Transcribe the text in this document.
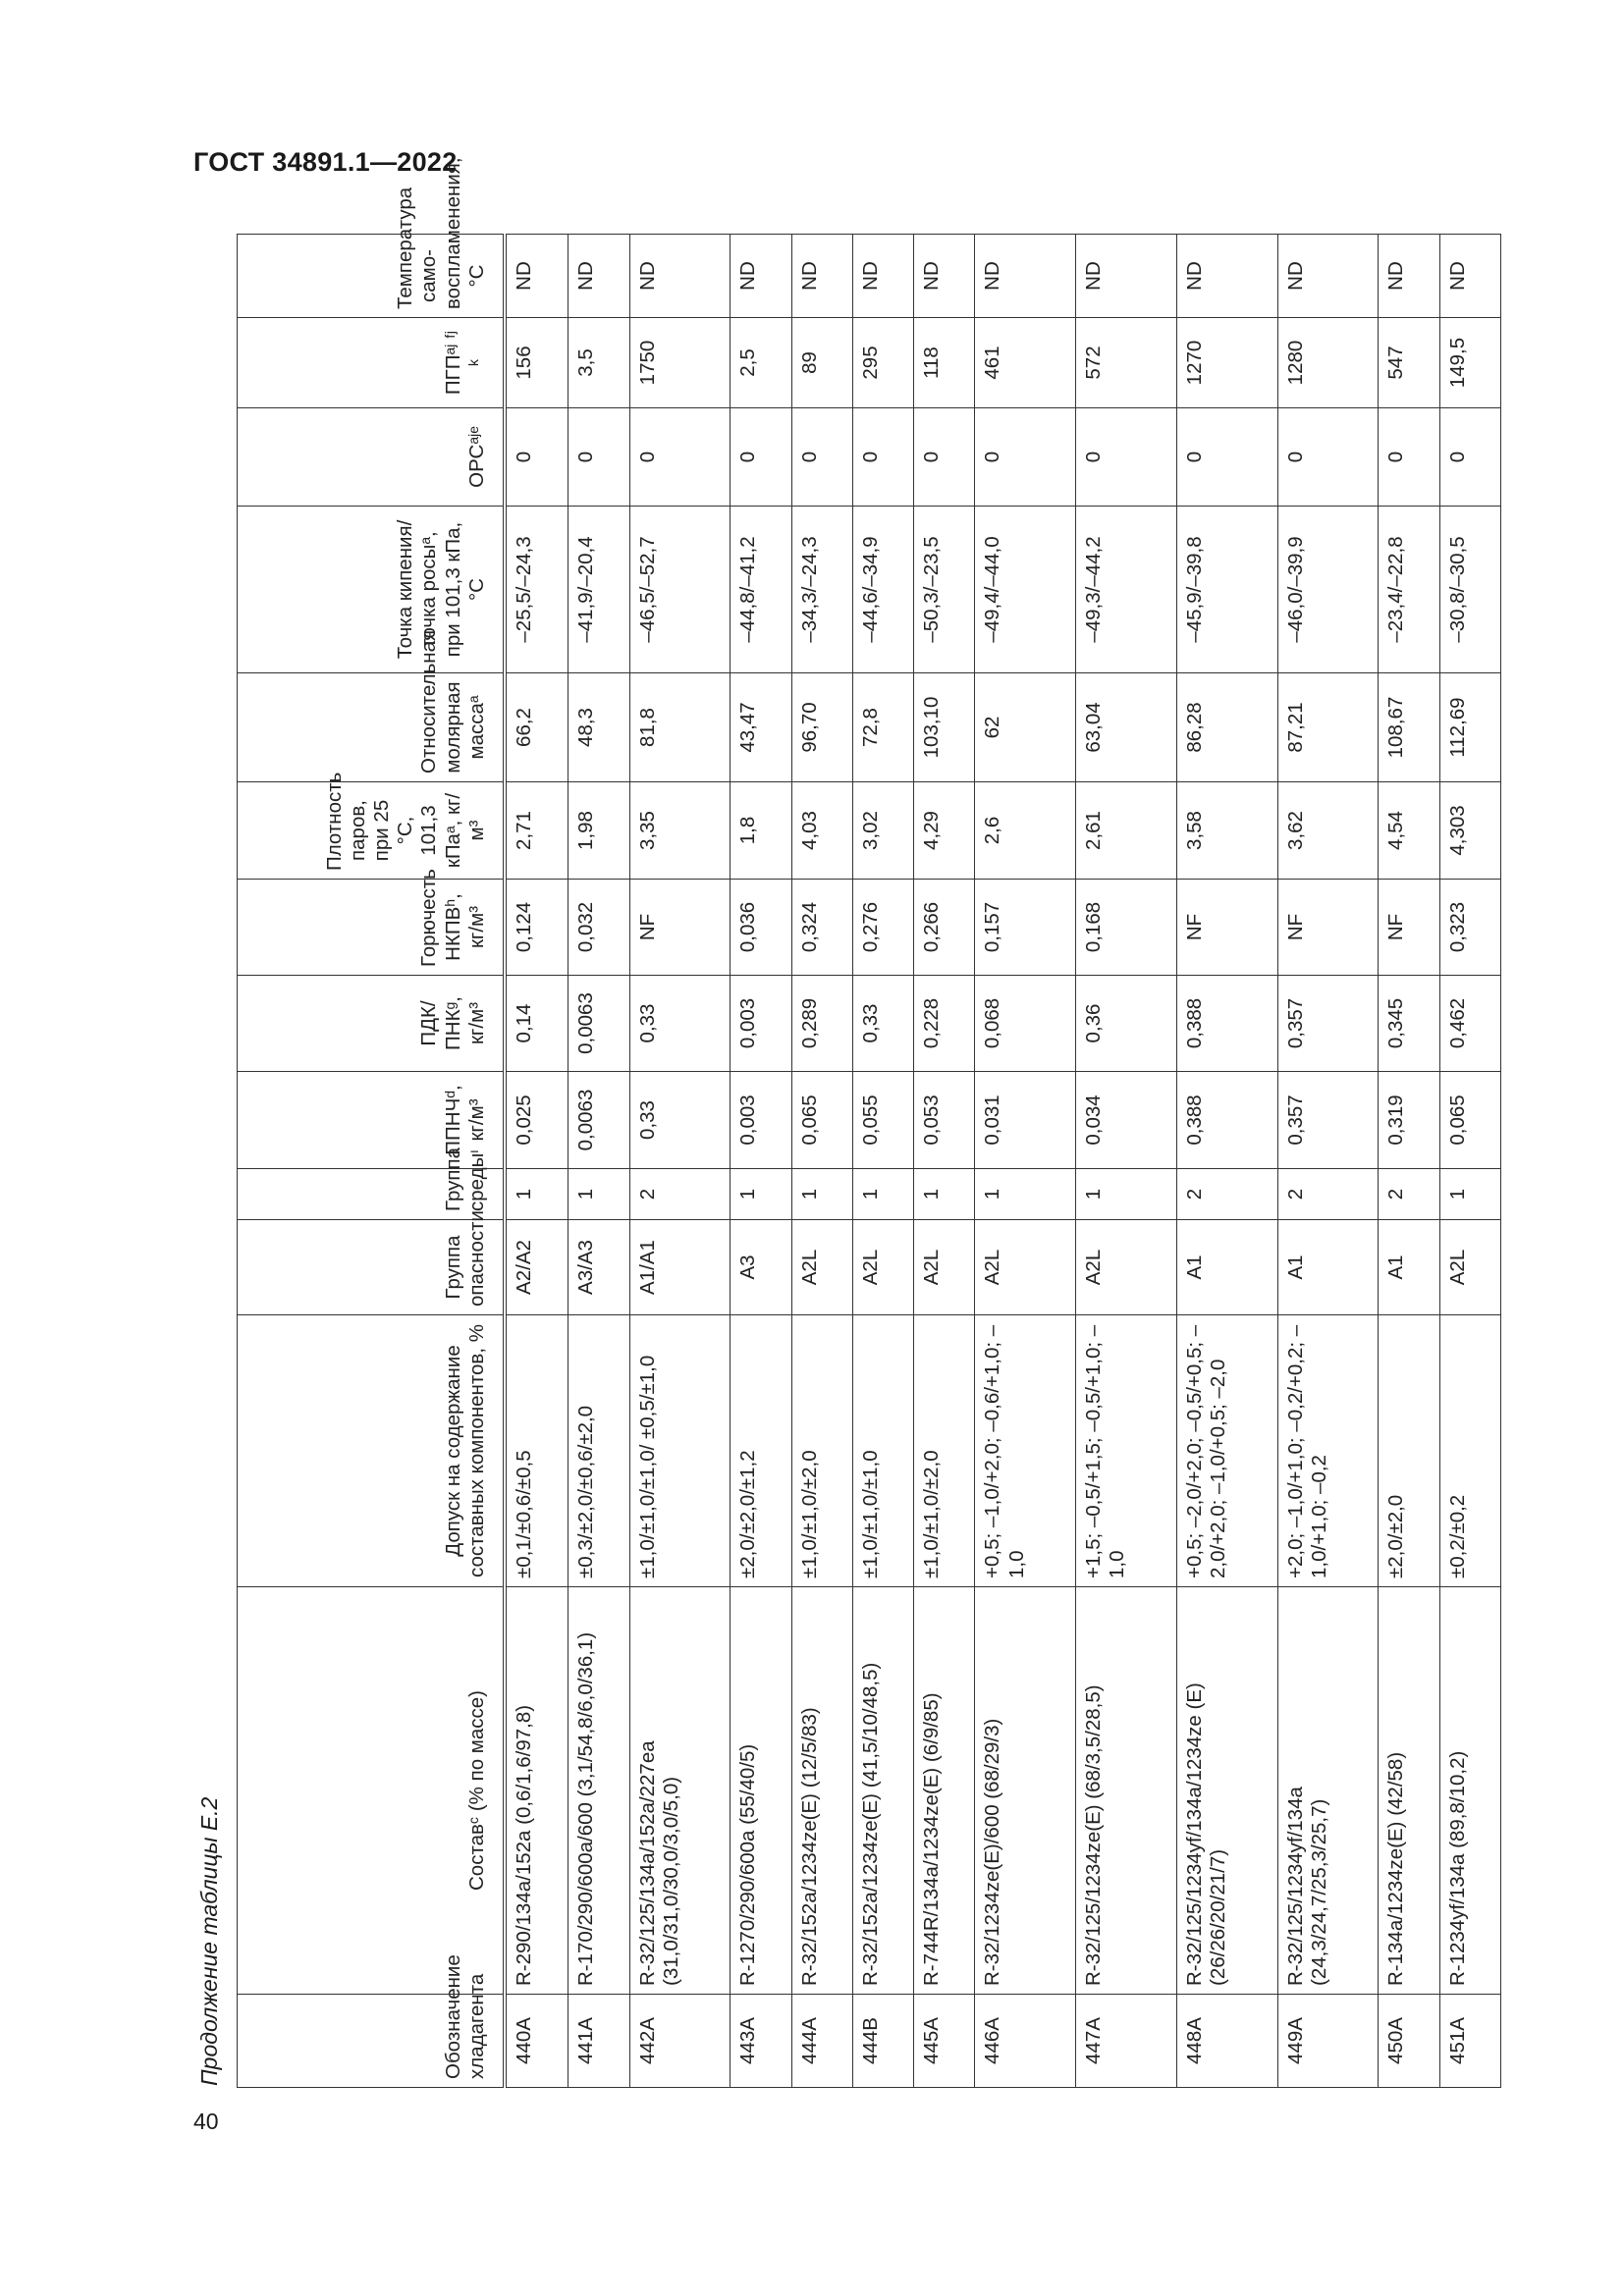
ГОСТ 34891.1—2022
Продолжение таблицы Е.2	Обозначение хладагента	Составᶜ (% по массе)	Допуск на содержание составных компонентов, %	Группа опасности	Группа средыᶦ	ППНЧᵈ, кг/м³	ПДК/ПНКᵍ, кг/м³	Горючесть НКПВʰ, кг/м³	Плотность паров, при 25 °С, 101,3 кПаᵃ, кг/м³	Относительная молярная массаᵃ	Точка кипения/точка росыᵃ, при 101,3 кПа, °С	ОРСᵃʲᵉ	ПГПᵃʲ ᶠʲ ᵏ	Температура само-воспламенения, °С
440A	R-290/134a/152a (0,6/1,6/97,8)	±0,1/±0,6/±0,5	A2/A2	1	0,025	0,14	0,124	2,71	66,2	–25,5/–24,3	0	156	ND
441A	R-170/290/600a/600 (3,1/54,8/6,0/36,1)	±0,3/±2,0/±0,6/±2,0	A3/A3	1	0,0063	0,0063	0,032	1,98	48,3	–41,9/–20,4	0	3,5	ND
442A	R-32/125/134a/152a/227ea (31,0/31,0/30,0/3,0/5,0)	±1,0/±1,0/±1,0/ ±0,5/±1,0	A1/A1	2	0,33	0,33	NF	3,35	81,8	–46,5/–52,7	0	1750	ND
443A	R-1270/290/600a (55/40/5)	±2,0/±2,0/±1,2	A3	1	0,003	0,003	0,036	1,8	43,47	–44,8/–41,2	0	2,5	ND
444A	R-32/152a/1234ze(E) (12/5/83)	±1,0/±1,0/±2,0	A2L	1	0,065	0,289	0,324	4,03	96,70	–34,3/–24,3	0	89	ND
444B	R-32/152a/1234ze(E) (41,5/10/48,5)	±1,0/±1,0/±1,0	A2L	1	0,055	0,33	0,276	3,02	72,8	–44,6/–34,9	0	295	ND
445A	R-744R/134a/1234ze(E) (6/9/85)	±1,0/±1,0/±2,0	A2L	1	0,053	0,228	0,266	4,29	103,10	–50,3/–23,5	0	118	ND
446A	R-32/1234ze(E)/600 (68/29/3)	+0,5; –1,0/+2,0; –0,6/+1,0; –1,0	A2L	1	0,031	0,068	0,157	2,6	62	–49,4/–44,0	0	461	ND
447A	R-32/125/1234ze(E) (68/3,5/28,5)	+1,5; –0,5/+1,5; –0,5/+1,0; –1,0	A2L	1	0,034	0,36	0,168	2,61	63,04	–49,3/–44,2	0	572	ND
448A	R-32/125/1234yf/134a/1234ze (E) (26/26/20/21/7)	+0,5; –2,0/+2,0; –0,5/+0,5; –2,0/+2,0; –1,0/+0,5; –2,0	A1	2	0,388	0,388	NF	3,58	86,28	–45,9/–39,8	0	1270	ND
449A	R-32/125/1234yf/134a (24,3/24,7/25,3/25,7)	+2,0; –1,0/+1,0; –0,2/+0,2; –1,0/+1,0; –0,2	A1	2	0,357	0,357	NF	3,62	87,21	–46,0/–39,9	0	1280	ND
450A	R-134a/1234ze(E) (42/58)	±2,0/±2,0	A1	2	0,319	0,345	NF	4,54	108,67	–23,4/–22,8	0	547	ND
451A	R-1234yf/134a (89,8/10,2)	±0,2/±0,2	A2L	1	0,065	0,462	0,323	4,303	112,69	–30,8/–30,5	0	149,5	ND
40
